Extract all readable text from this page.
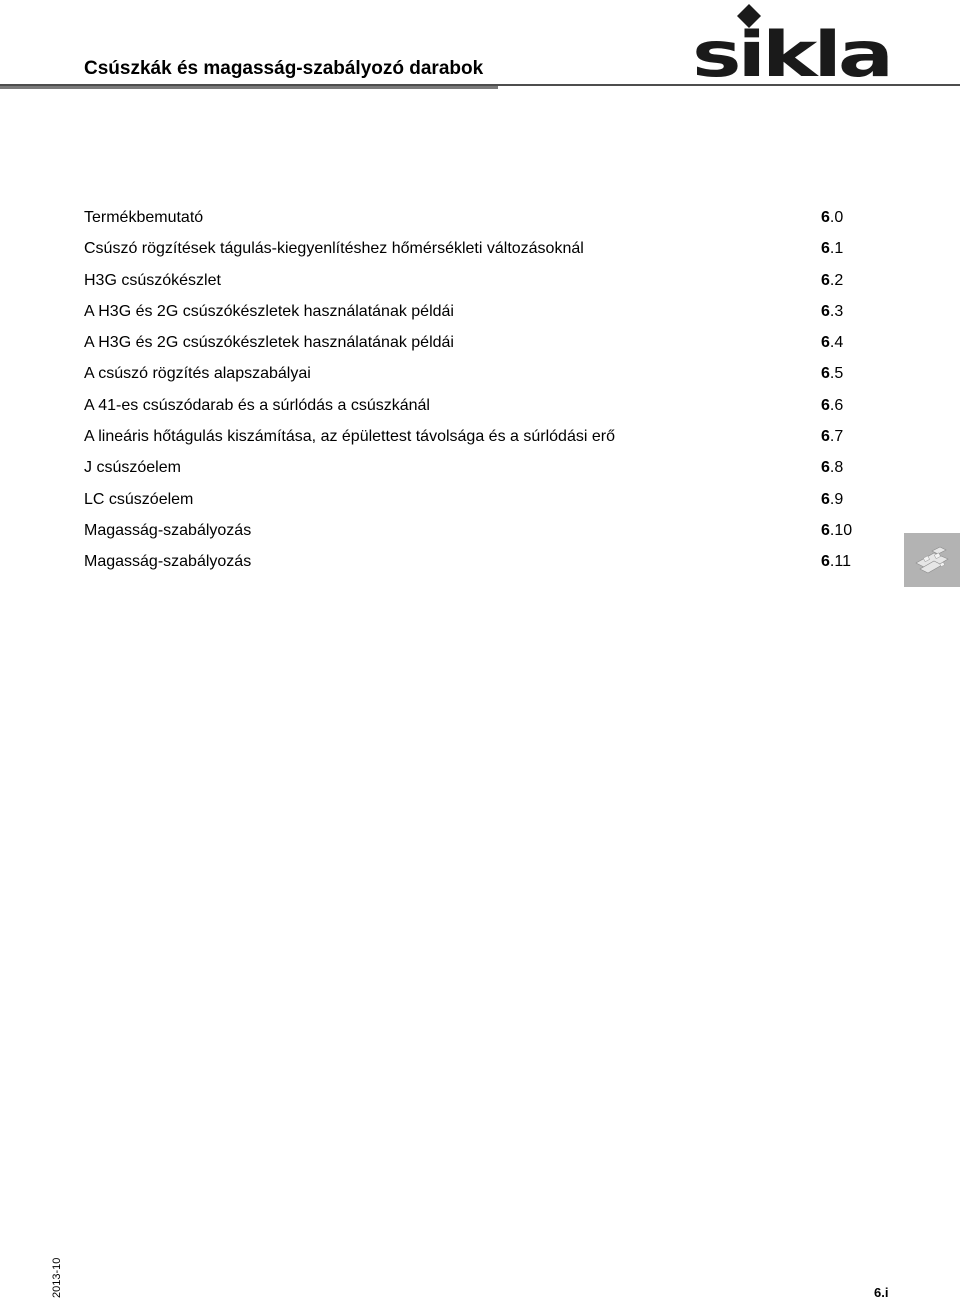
Csúszkák és magasság-szabályozó darabok	sikla
Termékbemutató	6.0
Csúszó rögzítések tágulás-kiegyenlítéshez hőmérsékleti változásoknál	6.1
H3G csúszókészlet	6.2
A H3G és 2G csúszókészletek használatának példái	6.3
A H3G és 2G csúszókészletek használatának példái	6.4
A csúszó rögzítés alapszabályai	6.5
A 41-es csúszódarab és a súrlódás a csúszkánál	6.6
A lineáris hőtágulás kiszámítása, az épülettest távolsága és a súrlódási erő	6.7
J csúszóelem	6.8
LC csúszóelem	6.9
Magasság-szabályozás	6.10
Magasság-szabályozás	6.11
2013-10	6.i
